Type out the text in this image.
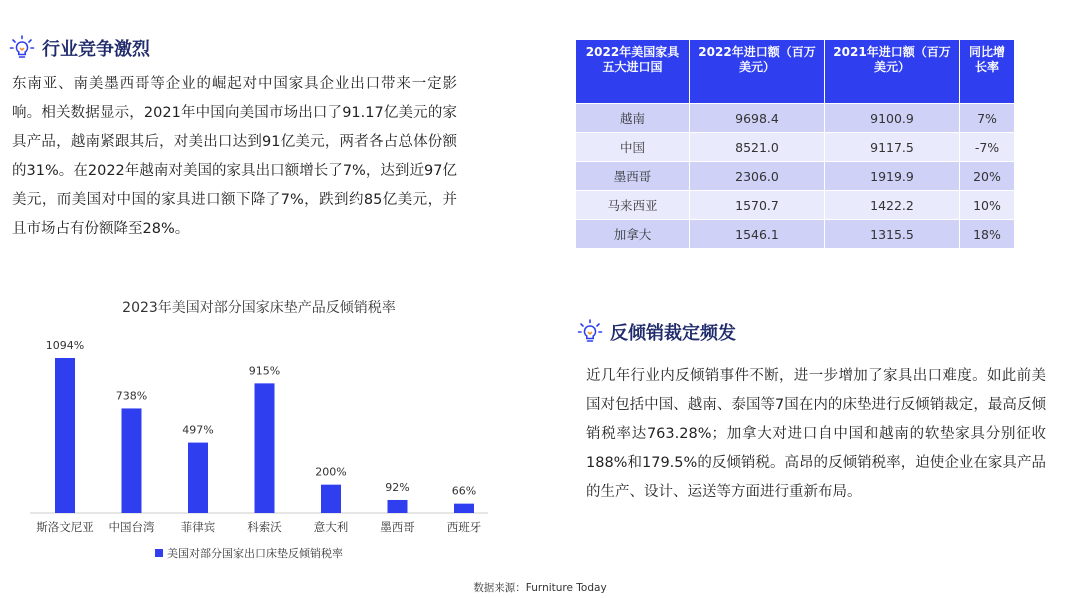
行业竞争激烈
东南亚、南美墨西哥等企业的崛起对中国家具企业出口带来一定影响。相关数据显示，2021年中国向美国市场出口了91.17亿美元的家具产品，越南紧跟其后，对美出口达到91亿美元，两者各占总体份额的31%。在2022年越南对美国的家具出口额增长了7%，达到近97亿美元，而美国对中国的家具进口额下降了7%，跌到约85亿美元，并且市场占有份额降至28%。
2022年美国家具五大进口国	2022年进口额（百万 美元）	2021年进口额（百万美元）	同比增长率
越南	9698.4	9100.9	7%
中国	8521.0	9117.5	-7%
墨西哥	2306.0	1919.9	20%
马来西亚	1570.7	1422.2	10%
加拿大	1546.1	1315.5	18%
2023年美国对部分国家床垫产品反倾销税率
1094%
斯洛文尼亚
738%
中国台湾
497%
菲律宾
915%
科索沃
200%
意大利
92%
墨西哥
66%
西班牙
美国对部分国家出口床垫反倾销税率
反倾销裁定频发
近几年行业内反倾销事件不断，进一步增加了家具出口难度。如此前美国对包括中国、越南、泰国等7国在内的床垫进行反倾销裁定，最高反倾销税率达763.28%；加拿大对进口自中国和越南的软垫家具分别征收188%和179.5%的反倾销税。高昂的反倾销税率，迫使企业在家具产品的生产、设计、运送等方面进行重新布局。
数据来源：Furniture Today
